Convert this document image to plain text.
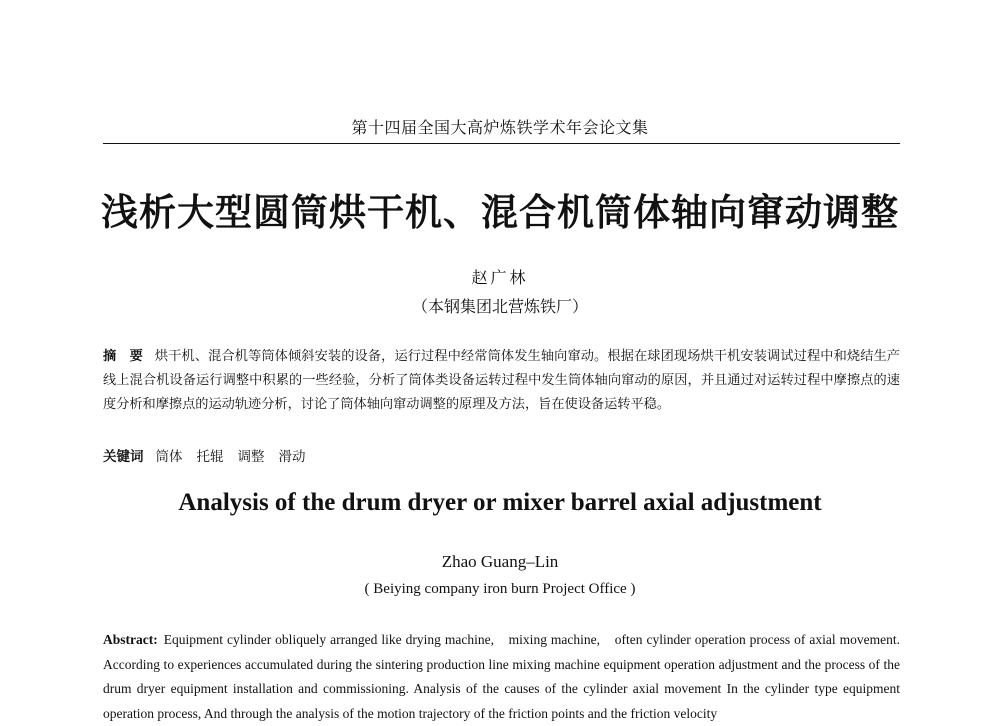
第十四届全国大高炉炼铁学术年会论文集
浅析大型圆筒烘干机、混合机筒体轴向窜动调整
赵广林
（本钢集团北营炼铁厂）
摘　要 烘干机、混合机等筒体倾斜安装的设备，运行过程中经常筒体发生轴向窜动。根据在球团现场烘干机安装调试过程中和烧结生产线上混合机设备运行调整中积累的一些经验，分析了筒体类设备运转过程中发生筒体轴向窜动的原因，并且通过对运转过程中摩擦点的速度分析和摩擦点的运动轨迹分析，讨论了筒体轴向窜动调整的原理及方法，旨在使设备运转平稳。
关键词 筒体 托辊 调整 滑动
Analysis of the drum dryer or mixer barrel axial adjustment
Zhao Guang–Lin
( Beiying company iron burn Project Office )
Abstract: Equipment cylinder obliquely arranged like drying machine,　mixing machine,　often cylinder operation process of axial movement. According to experiences accumulated during the sintering production line mixing machine equipment operation adjustment and the process of the drum dryer equipment installation and commissioning. Analysis of the causes of the cylinder axial movement In the cylinder type equipment operation process, And through the analysis of the motion trajectory of the friction points and the friction velocity
